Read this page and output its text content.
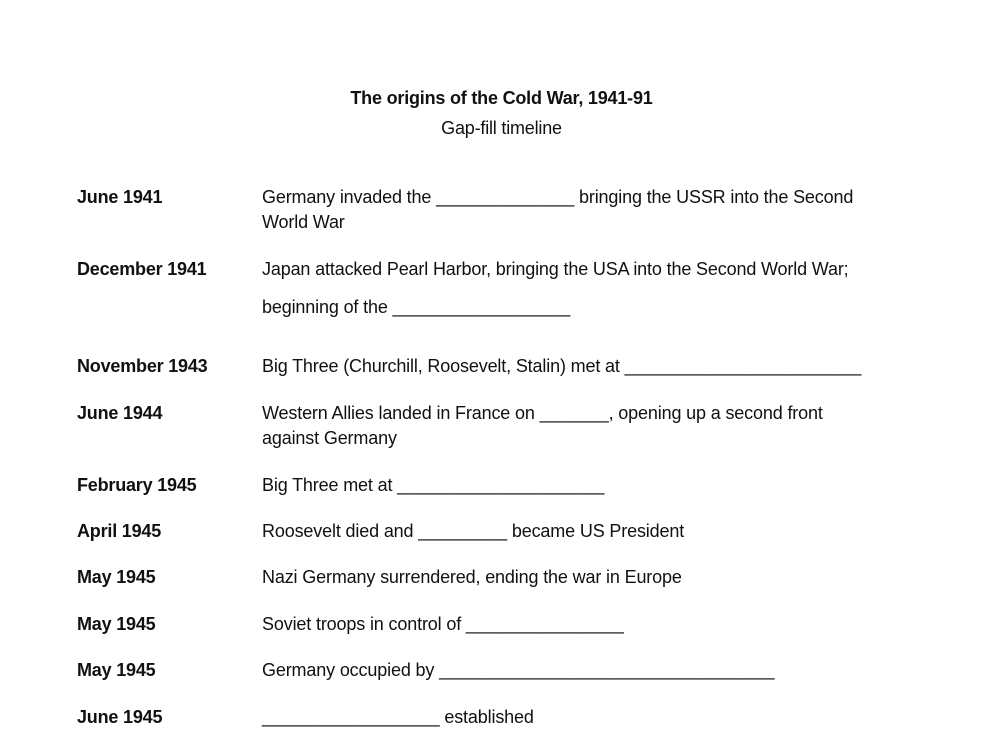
The origins of the Cold War, 1941-91
Gap-fill timeline
June 1941	Germany invaded the ______________ bringing the USSR into the Second
World War
December 1941	Japan attacked Pearl Harbor, bringing the USA into the Second World War;
beginning of the __________________
November 1943	Big Three (Churchill, Roosevelt, Stalin) met at ________________________
June 1944	Western Allies landed in France on _______, opening up a second front
against Germany
February 1945	Big Three met at _____________________
April 1945	Roosevelt died and _________ became US President
May 1945	Nazi Germany surrendered, ending the war in Europe
May 1945	Soviet troops in control of ________________
May 1945	Germany occupied by __________________________________
June 1945	__________________ established
